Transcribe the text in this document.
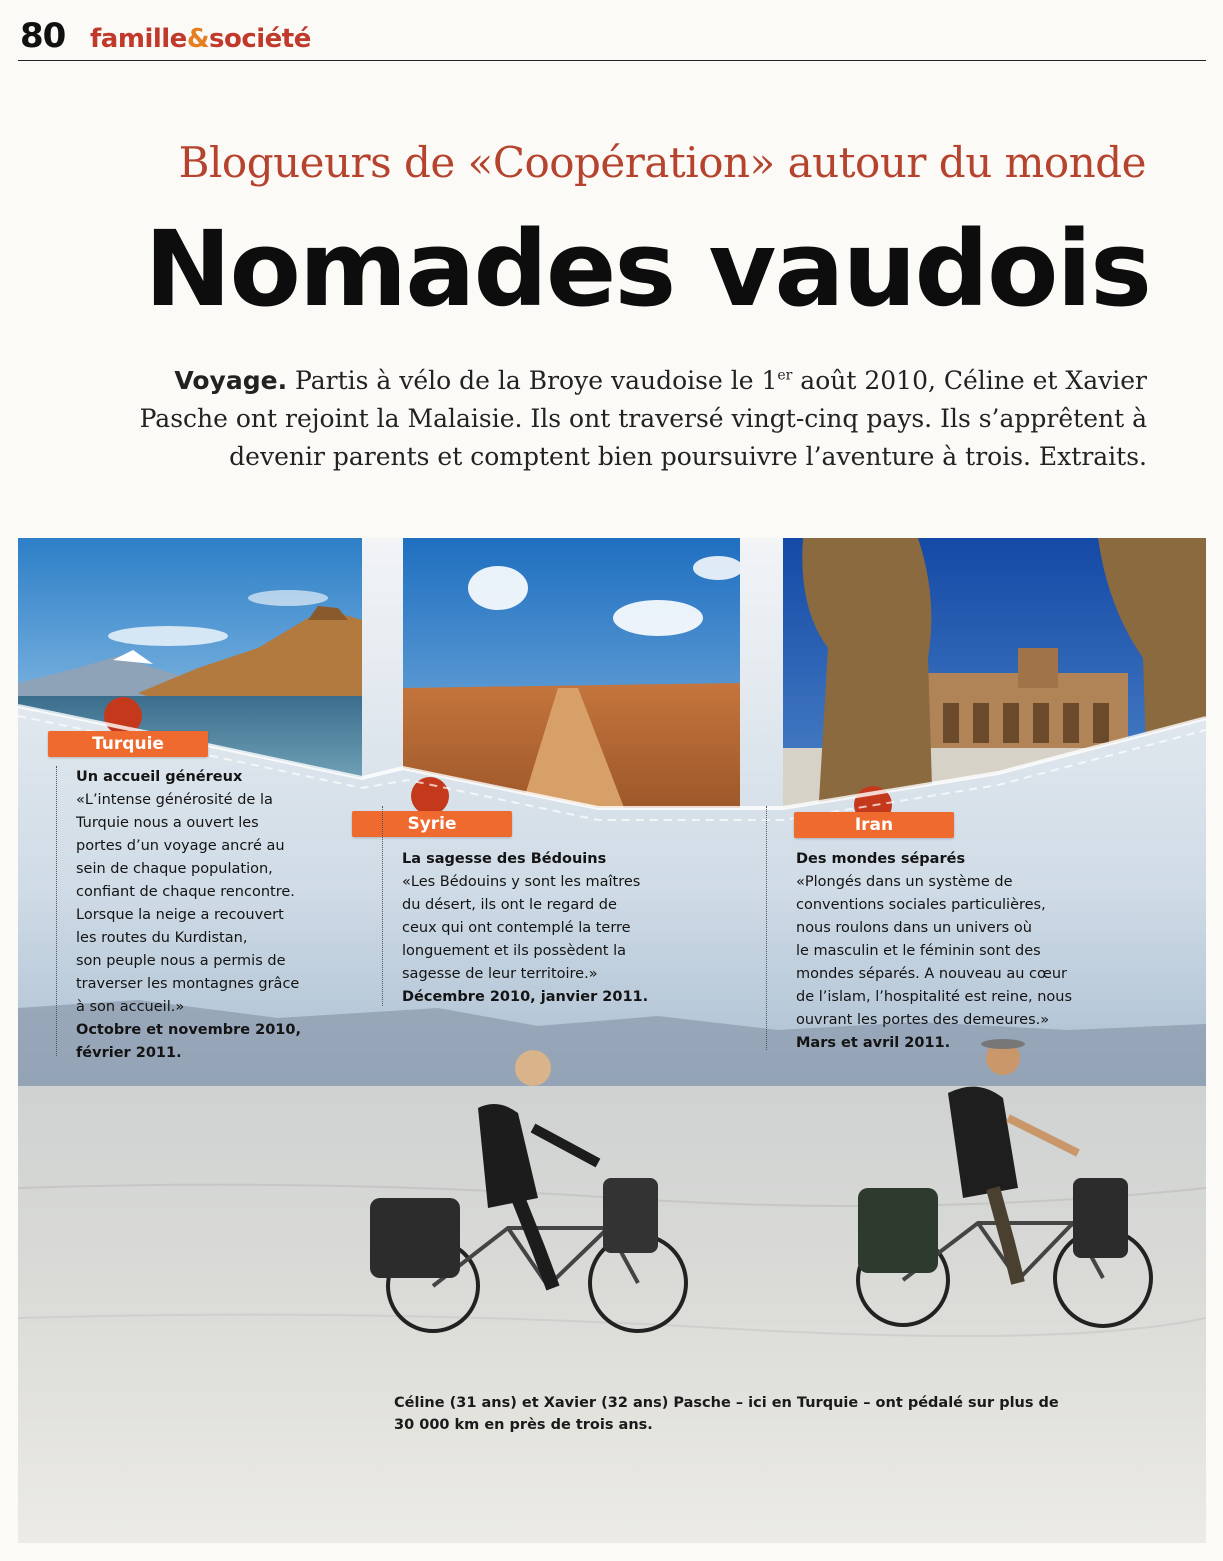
80 famille&société
Blogueurs de «Coopération» autour du monde
Nomades vaudois
Voyage. Partis à vélo de la Broye vaudoise le 1er août 2010, Céline et Xavier
Pasche ont rejoint la Malaisie. Ils ont traversé vingt-cinq pays. Ils s’apprêtent à
devenir parents et comptent bien poursuivre l’aventure à trois. Extraits.
Turquie
Syrie	Iran
Un accueil généreux
«L’intense générosité de la
Turquie nous a ouvert les
portes d’un voyage ancré au
sein de chaque population,
confiant de chaque rencontre.
Lorsque la neige a recouvert
les routes du Kurdistan,
son peuple nous a permis de
traverser les montagnes grâce
à son accueil.»
Octobre et novembre 2010,
février 2011.
La sagesse des Bédouins
«Les Bédouins y sont les maîtres
du désert, ils ont le regard de
ceux qui ont contemplé la terre
longuement et ils possèdent la
sagesse de leur territoire.»
Décembre 2010, janvier 2011.
Des mondes séparés
«Plongés dans un système de
conventions sociales particulières,
nous roulons dans un univers où
le masculin et le féminin sont des
mondes séparés. A nouveau au cœur
de l’islam, l’hospitalité est reine, nous
ouvrant les portes des demeures.»
Mars et avril 2011.
Céline (31 ans) et Xavier (32 ans) Pasche – ici en Turquie – ont pédalé sur plus de
30 000 km en près de trois ans.
